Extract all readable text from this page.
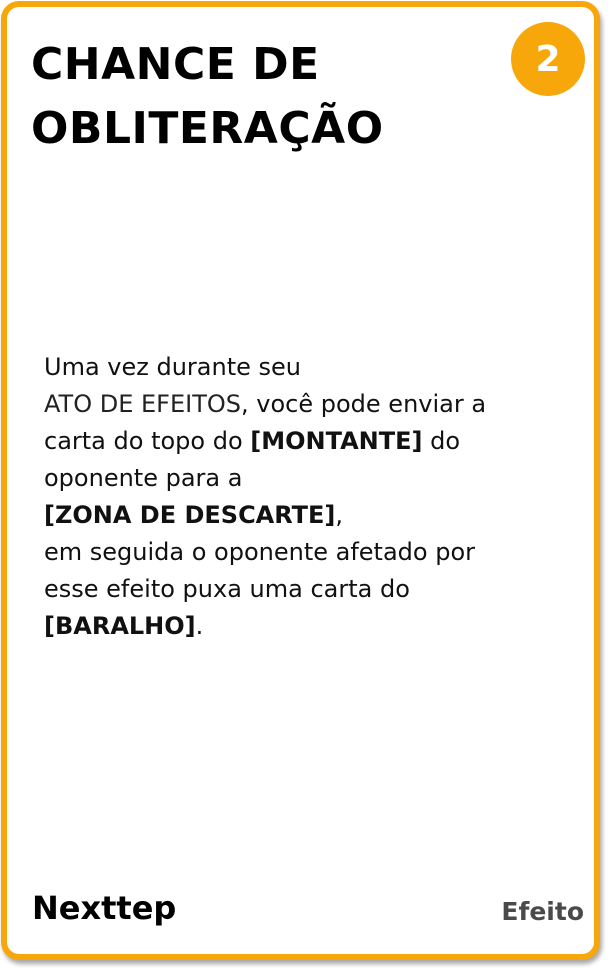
CHANCE DE
OBLITERAÇÃO
2

Uma vez durante seu
ATO DE EFEITOS, você pode enviar a
carta do topo do [MONTANTE] do
oponente para a
[ZONA DE DESCARTE],
em seguida o oponente afetado por
esse efeito puxa uma carta do
[BARALHO].

Nexttep	Efeito
